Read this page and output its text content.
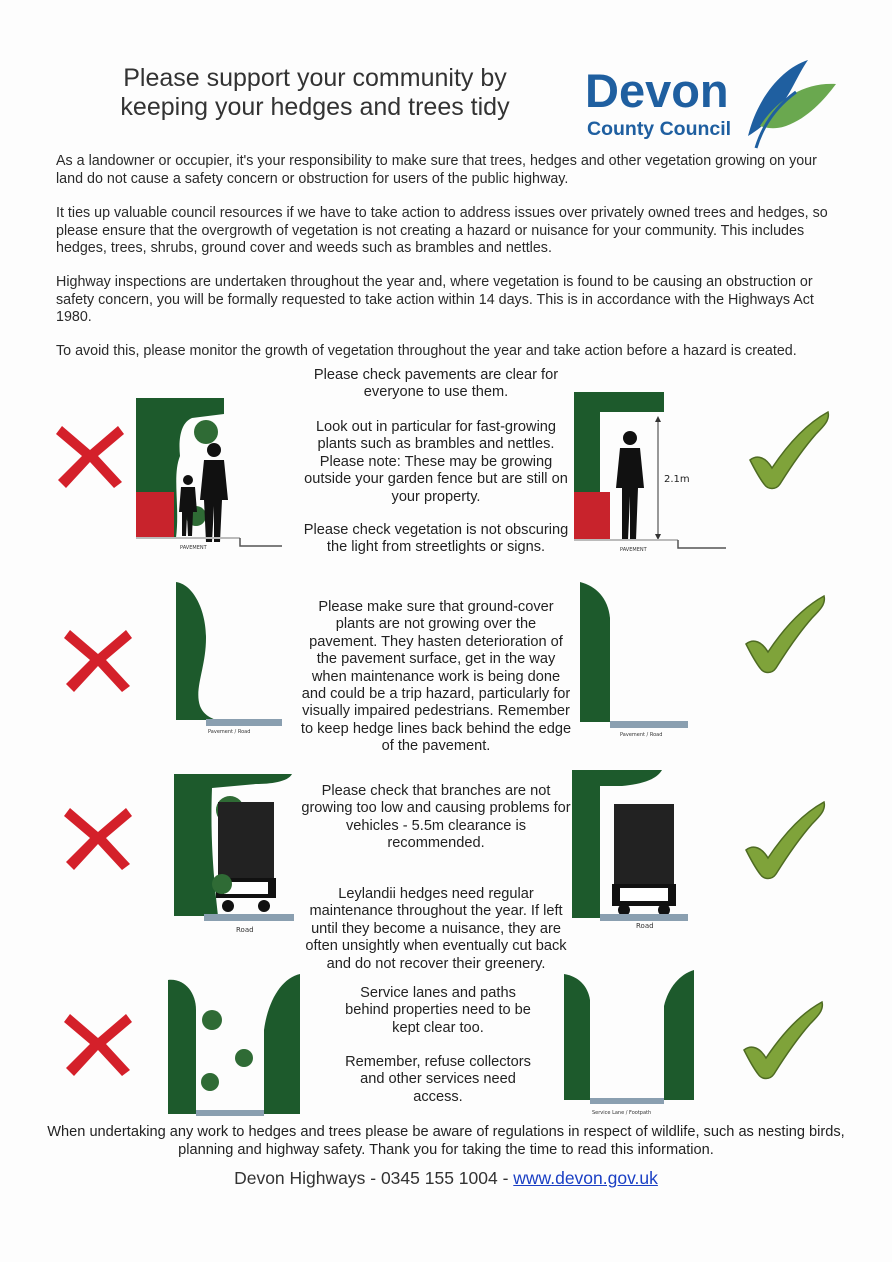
Please support your community by
keeping your hedges and trees tidy	Devon
County Council
As a landowner or occupier, it's your responsibility to make sure that trees, hedges and other vegetation growing on your land do not cause a safety concern or obstruction for users of the public highway.
It ties up valuable council resources if we have to take action to address issues over privately owned trees and hedges, so please ensure that the overgrowth of vegetation is not creating a hazard or nuisance for your community. This includes hedges, trees, shrubs, ground cover and weeds such as brambles and nettles.
Highway inspections are undertaken throughout the year and, where vegetation is found to be causing an obstruction or safety concern, you will be formally requested to take action within 14 days. This is in accordance with the Highways Act 1980.
To avoid this, please monitor the growth of vegetation throughout the year and take action before a hazard is created.
Please check pavements are clear for everyone to use them.
Look out in particular for fast-growing plants such as brambles and nettles. Please note: These may be growing outside your garden fence but are still on your property.
Please check vegetation is not obscuring the light from streetlights or signs.
Please make sure that ground-cover plants are not growing over the pavement. They hasten deterioration of the pavement surface, get in the way when maintenance work is being done and could be a trip hazard, particularly for visually impaired pedestrians. Remember to keep hedge lines back behind the edge of the pavement.
Please check that branches are not growing too low and causing problems for vehicles - 5.5m clearance is recommended.
Leylandii hedges need regular maintenance throughout the year. If left until they become a nuisance, they are often unsightly when eventually cut back and do not recover their greenery.
Service lanes and paths behind properties need to be kept clear too.
Remember, refuse collectors and other services need access.
PAVEMENT
2.1m
PAVEMENT
Pavement / Road	Pavement / Road
Road	Road
Service Lane / Footpath
When undertaking any work to hedges and trees please be aware of regulations in respect of wildlife, such as nesting birds, planning and highway safety. Thank you for taking the time to read this information.
Devon Highways - 0345 155 1004 - www.devon.gov.uk
